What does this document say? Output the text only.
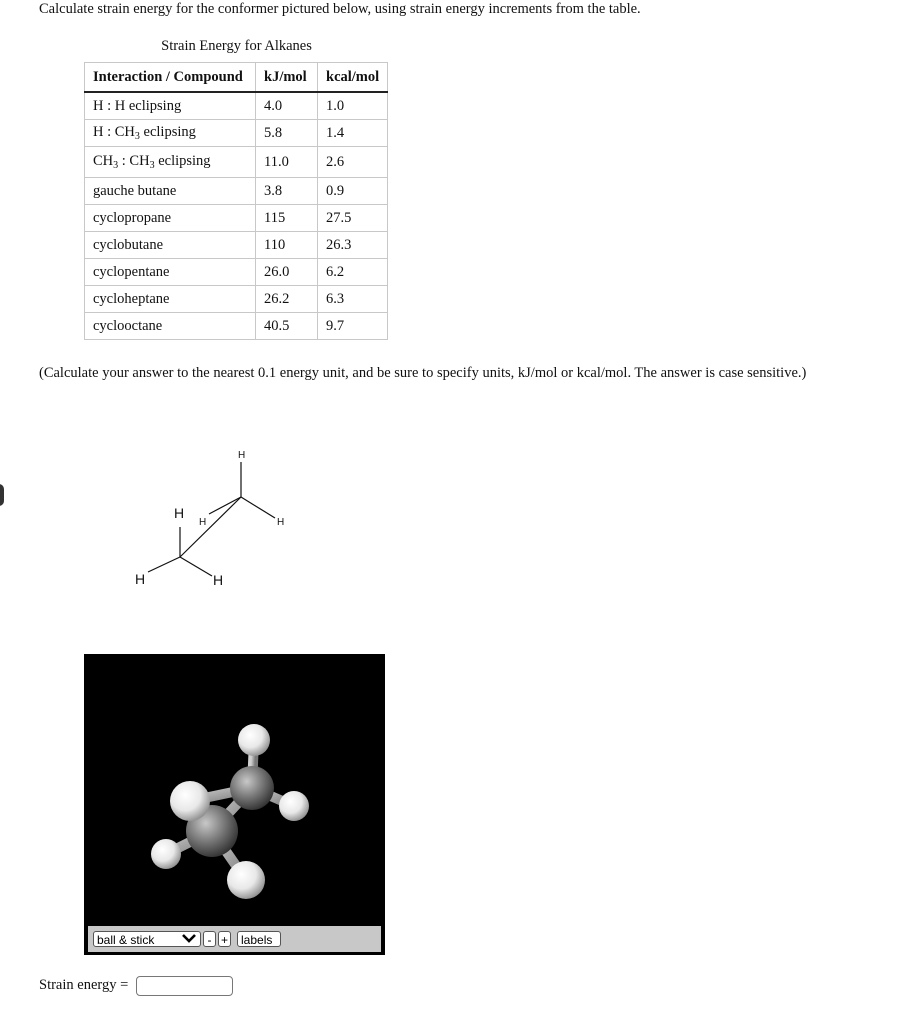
Calculate strain energy for the conformer pictured below, using strain energy increments from the table.
Strain Energy for Alkanes
Interaction / Compound	kJ/mol	kcal/mol
H : H eclipsing	4.0	1.0
H : $CH_3$ eclipsing	5.8	1.4
$CH_3$ : $CH_3$ eclipsing	11.0	2.6
gauche butane	3.8	0.9
cyclopropane	115	27.5
cyclobutane	110	26.3
cyclopentane	26.0	6.2
cycloheptane	26.2	6.3
cyclooctane	40.5	9.7
(Calculate your answer to the nearest 0.1 energy unit, and be sure to specify units, kJ/mol or kcal/mol. The answer is case sensitive.)
H
H
H	H
H	H
ball & stick	- +	labels
Strain energy =
